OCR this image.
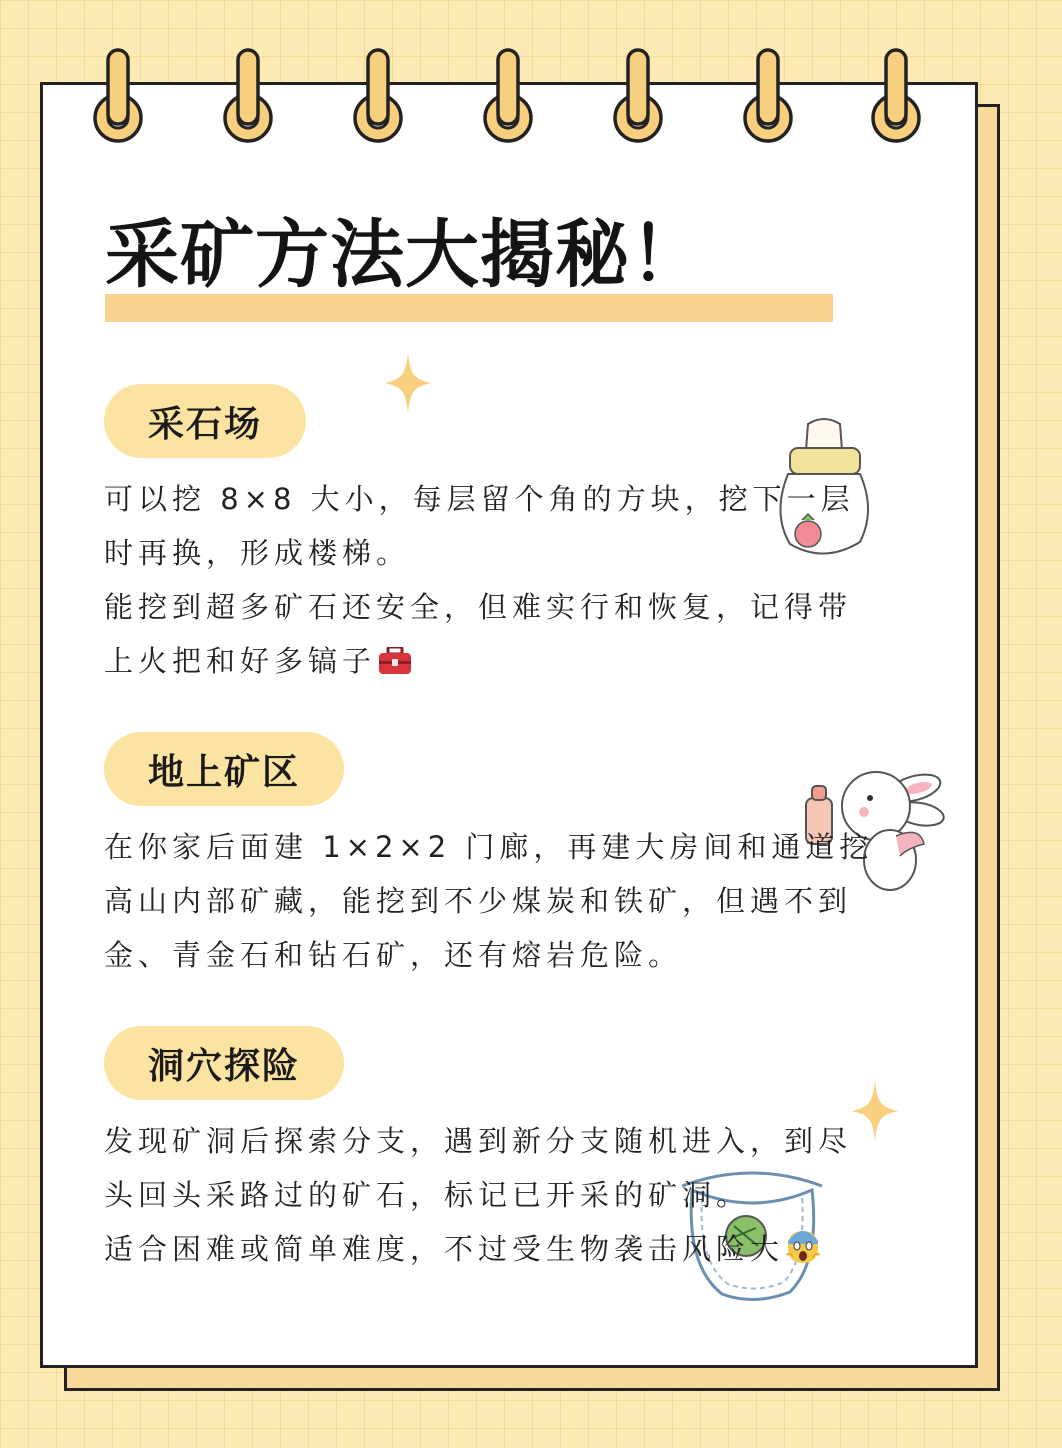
采矿方法大揭秘！
采石场

可以挖 8×8 大小，每层留个角的方块，挖下一层
时再换，形成楼梯。
能挖到超多矿石还安全，但难实行和恢复，记得带
上火把和好多镐子

地上矿区

在你家后面建 1×2×2 门廊，再建大房间和通道挖
高山内部矿藏，能挖到不少煤炭和铁矿，但遇不到
金、青金石和钻石矿，还有熔岩危险。

洞穴探险

发现矿洞后探索分支，遇到新分支随机进入，到尽
头回头采路过的矿石，标记已开采的矿洞。
适合困难或简单难度，不过受生物袭击风险大
